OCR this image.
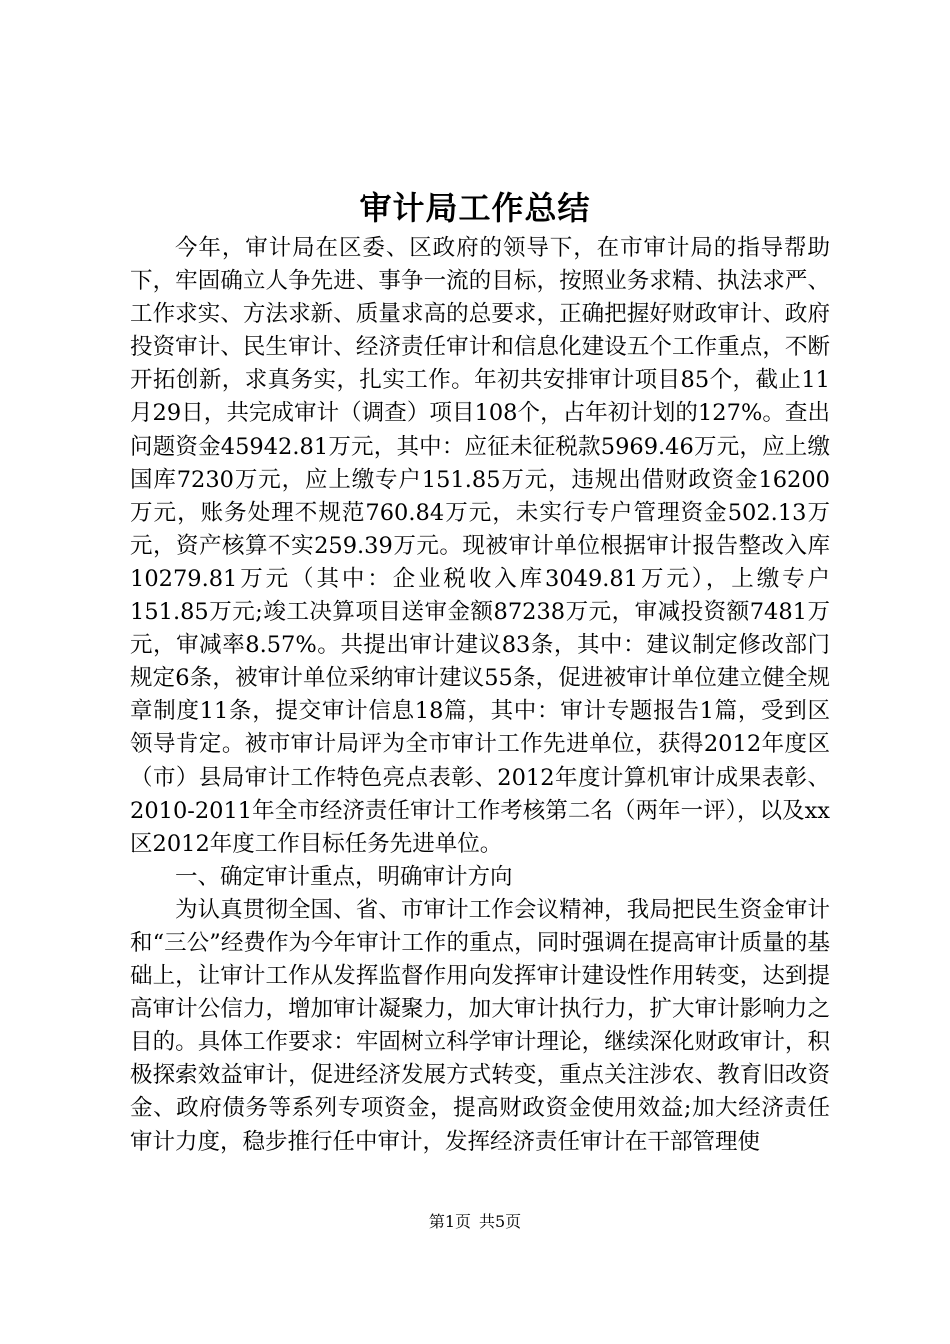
审计局工作总结

今年，审计局在区委、区政府的领导下，在市审计局的指导帮助下，牢固确立人争先进、事争一流的目标，按照业务求精、执法求严、工作求实、方法求新、质量求高的总要求，正确把握好财政审计、政府投资审计、民生审计、经济责任审计和信息化建设五个工作重点，不断开拓创新，求真务实，扎实工作。年初共安排审计项目85个，截止11月29日，共完成审计（调查）项目108个，占年初计划的127%。查出问题资金45942.81万元，其中：应征未征税款5969.46万元，应上缴国库7230万元，应上缴专户151.85万元，违规出借财政资金16200万元，账务处理不规范760.84万元，未实行专户管理资金502.13万元，资产核算不实259.39万元。现被审计单位根据审计报告整改入库10279.81万元（其中：企业税收入库3049.81万元），上缴专户151.85万元;竣工决算项目送审金额87238万元，审减投资额7481万元，审减率8.57%。共提出审计建议83条，其中：建议制定修改部门规定6条，被审计单位采纳审计建议55条，促进被审计单位建立健全规章制度11条，提交审计信息18篇，其中：审计专题报告1篇，受到区领导肯定。被市审计局评为全市审计工作先进单位，获得2012年度区（市）县局审计工作特色亮点表彰、2012年度计算机审计成果表彰、2010-2011年全市经济责任审计工作考核第二名（两年一评），以及xx区2012年度工作目标任务先进单位。

一、确定审计重点，明确审计方向

为认真贯彻全国、省、市审计工作会议精神，我局把民生资金审计和“三公”经费作为今年审计工作的重点，同时强调在提高审计质量的基础上，让审计工作从发挥监督作用向发挥审计建设性作用转变，达到提高审计公信力，增加审计凝聚力，加大审计执行力，扩大审计影响力之目的。具体工作要求：牢固树立科学审计理论，继续深化财政审计，积极探索效益审计，促进经济发展方式转变，重点关注涉农、教育旧改资金、政府债务等系列专项资金，提高财政资金使用效益;加大经济责任审计力度，稳步推行任中审计，发挥经济责任审计在干部管理使

第1页 共5页
